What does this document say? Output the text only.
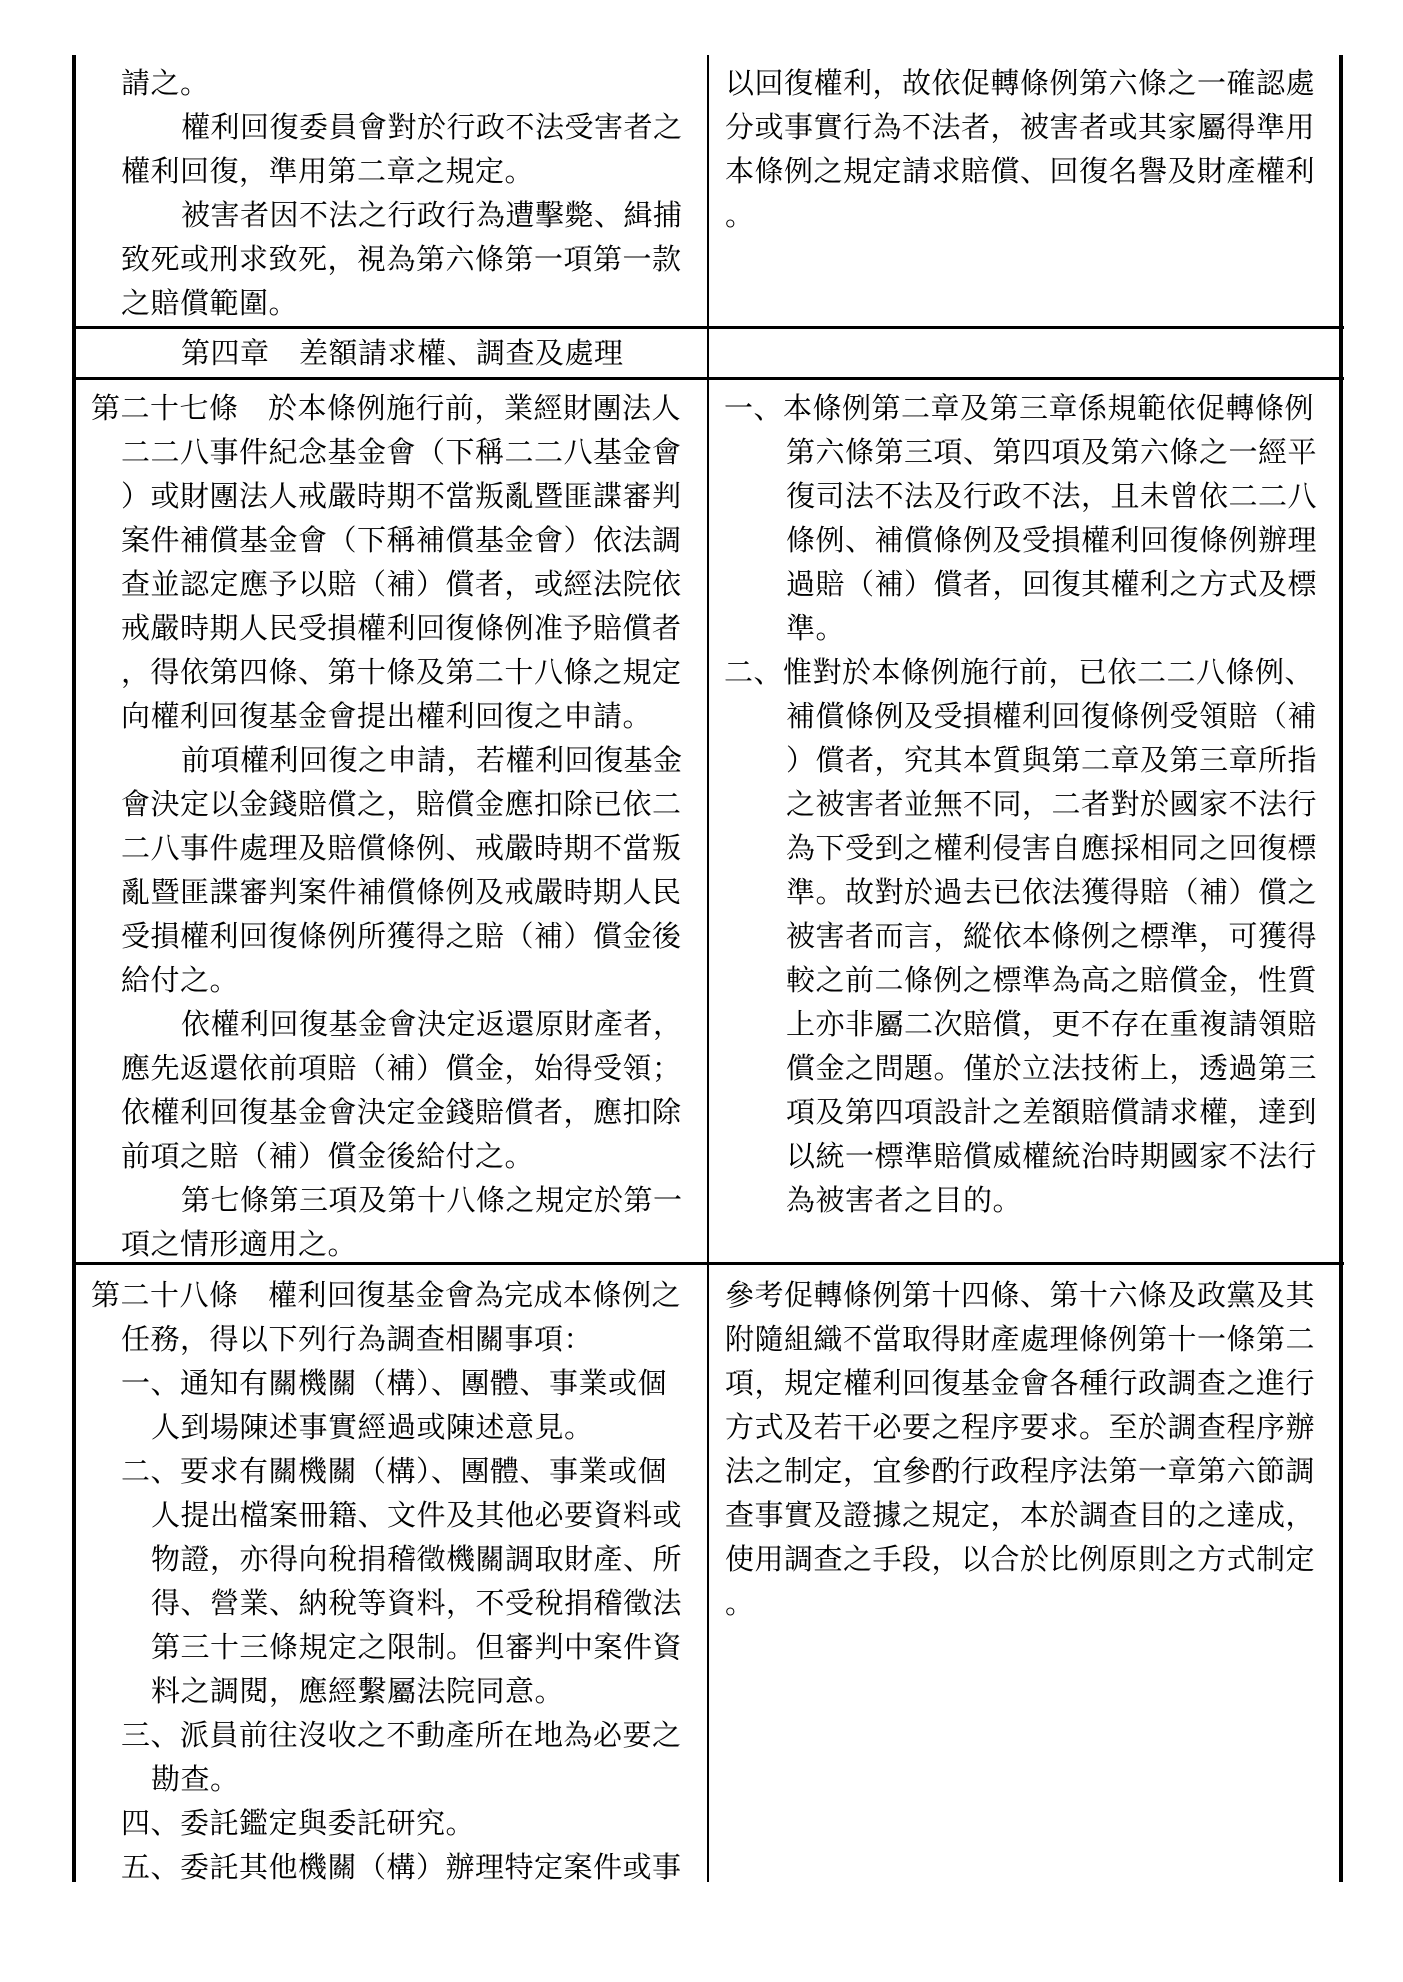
請之。
權利回復委員會對於行政不法受害者之
權利回復，準用第二章之規定。
被害者因不法之行政行為遭擊斃、緝捕
致死或刑求致死，視為第六條第一項第一款
之賠償範圍。
以回復權利，故依促轉條例第六條之一確認處
分或事實行為不法者，被害者或其家屬得準用
本條例之規定請求賠償、回復名譽及財產權利
。
第四章　差額請求權、調查及處理
第二十七條　於本條例施行前，業經財團法人
二二八事件紀念基金會（下稱二二八基金會
）或財團法人戒嚴時期不當叛亂暨匪諜審判
案件補償基金會（下稱補償基金會）依法調
查並認定應予以賠（補）償者，或經法院依
戒嚴時期人民受損權利回復條例准予賠償者
，得依第四條、第十條及第二十八條之規定
向權利回復基金會提出權利回復之申請。
前項權利回復之申請，若權利回復基金
會決定以金錢賠償之，賠償金應扣除已依二
二八事件處理及賠償條例、戒嚴時期不當叛
亂暨匪諜審判案件補償條例及戒嚴時期人民
受損權利回復條例所獲得之賠（補）償金後
給付之。
依權利回復基金會決定返還原財產者，
應先返還依前項賠（補）償金，始得受領；
依權利回復基金會決定金錢賠償者，應扣除
前項之賠（補）償金後給付之。
第七條第三項及第十八條之規定於第一
項之情形適用之。
一、本條例第二章及第三章係規範依促轉條例
第六條第三項、第四項及第六條之一經平
復司法不法及行政不法，且未曾依二二八
條例、補償條例及受損權利回復條例辦理
過賠（補）償者，回復其權利之方式及標
準。
二、惟對於本條例施行前，已依二二八條例、
補償條例及受損權利回復條例受領賠（補
）償者，究其本質與第二章及第三章所指
之被害者並無不同，二者對於國家不法行
為下受到之權利侵害自應採相同之回復標
準。故對於過去已依法獲得賠（補）償之
被害者而言，縱依本條例之標準，可獲得
較之前二條例之標準為高之賠償金，性質
上亦非屬二次賠償，更不存在重複請領賠
償金之問題。僅於立法技術上，透過第三
項及第四項設計之差額賠償請求權，達到
以統一標準賠償威權統治時期國家不法行
為被害者之目的。
第二十八條　權利回復基金會為完成本條例之
任務，得以下列行為調查相關事項：
一、通知有關機關（構）、團體、事業或個
人到場陳述事實經過或陳述意見。
二、要求有關機關（構）、團體、事業或個
人提出檔案冊籍、文件及其他必要資料或
物證，亦得向稅捐稽徵機關調取財產、所
得、營業、納稅等資料，不受稅捐稽徵法
第三十三條規定之限制。但審判中案件資
料之調閱，應經繫屬法院同意。
三、派員前往沒收之不動產所在地為必要之
勘查。
四、委託鑑定與委託研究。
五、委託其他機關（構）辦理特定案件或事
參考促轉條例第十四條、第十六條及政黨及其
附隨組織不當取得財產處理條例第十一條第二
項，規定權利回復基金會各種行政調查之進行
方式及若干必要之程序要求。至於調查程序辦
法之制定，宜參酌行政程序法第一章第六節調
查事實及證據之規定，本於調查目的之達成，
使用調查之手段，以合於比例原則之方式制定
。
